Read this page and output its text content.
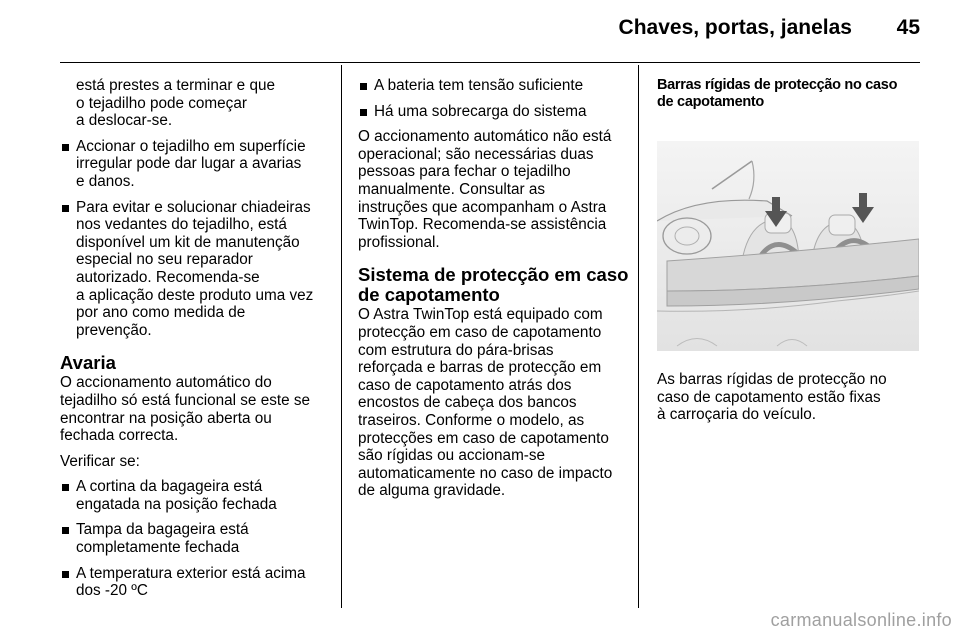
Chaves, portas, janelas	45

está prestes a terminar e que
o tejadilho pode começar
a deslocar-se.

Accionar o tejadilho em superfície
irregular pode dar lugar a avarias
e danos.
Para evitar e solucionar chiadeiras
nos vedantes do tejadilho, está
disponível um kit de manutenção
especial no seu reparador
autorizado. Recomenda-se
a aplicação deste produto uma vez
por ano como medida de
prevenção.
Avaria

O accionamento automático do
tejadilho só está funcional se este se
encontrar na posição aberta ou
fechada correcta.

Verificar se:

A cortina da bagageira está
engatada na posição fechada
Tampa da bagageira está
completamente fechada
A temperatura exterior está acima
dos -20 ºC
A bateria tem tensão suficiente
Há uma sobrecarga do sistema

O accionamento automático não está
operacional; são necessárias duas
pessoas para fechar o tejadilho
manualmente. Consultar as
instruções que acompanham o Astra
TwinTop. Recomenda-se assistência
profissional.

Sistema de protecção em caso
de capotamento

O Astra TwinTop está equipado com
protecção em caso de capotamento
com estrutura do pára-brisas
reforçada e barras de protecção em
caso de capotamento atrás dos
encostos de cabeça dos bancos
traseiros. Conforme o modelo, as
protecções em caso de capotamento
são rígidas ou accionam-se
automaticamente no caso de impacto
de alguma gravidade.

Barras rígidas de protecção no caso
de capotamento

As barras rígidas de protecção no
caso de capotamento estão fixas
à carroçaria do veículo.

carmanualsonline.info
